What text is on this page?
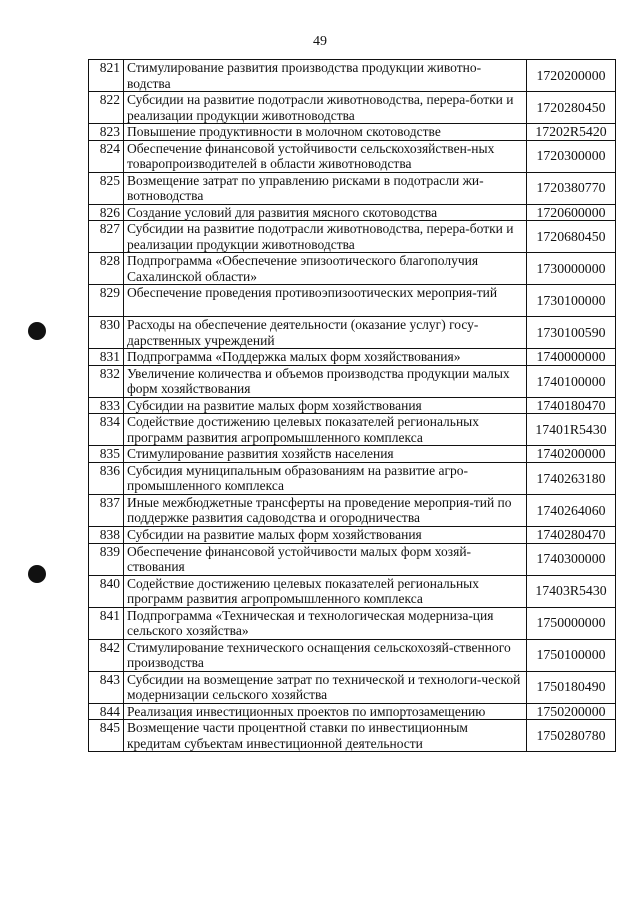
49
821	Стимулирование развития производства продукции животно-водства	1720200000
822	Субсидии на развитие подотрасли животноводства, перера-ботки и реализации продукции животноводства	1720280450
823	Повышение продуктивности в молочном скотоводстве	17202R5420
824	Обеспечение финансовой устойчивости сельскохозяйствен-ных товаропроизводителей в области животноводства	1720300000
825	Возмещение затрат по управлению рисками в подотрасли жи-вотноводства	1720380770
826	Создание условий для развития мясного скотоводства	1720600000
827	Субсидии на развитие подотрасли животноводства, перера-ботки и реализации продукции животноводства	1720680450
828	Подпрограмма «Обеспечение эпизоотического благополучия Сахалинской области»	1730000000
829	Обеспечение проведения противоэпизоотических мероприя-тий	1730100000
830	Расходы на обеспечение деятельности (оказание услуг) госу-дарственных учреждений	1730100590
831	Подпрограмма «Поддержка малых форм хозяйствования»	1740000000
832	Увеличение количества и объемов производства продукции малых форм хозяйствования	1740100000
833	Субсидии на развитие малых форм хозяйствования	1740180470
834	Содействие достижению целевых показателей региональных программ развития агропромышленного комплекса	17401R5430
835	Стимулирование развития хозяйств населения	1740200000
836	Субсидия муниципальным образованиям на развитие агро-промышленного комплекса	1740263180
837	Иные межбюджетные трансферты на проведение мероприя-тий по поддержке развития садоводства и огородничества	1740264060
838	Субсидии на развитие малых форм хозяйствования	1740280470
839	Обеспечение финансовой устойчивости малых форм хозяй-ствования	1740300000
840	Содействие достижению целевых показателей региональных программ развития агропромышленного комплекса	17403R5430
841	Подпрограмма «Техническая и технологическая модерниза-ция сельского хозяйства»	1750000000
842	Стимулирование технического оснащения сельскохозяй-ственного производства	1750100000
843	Субсидии на возмещение затрат по технической и технологи-ческой модернизации сельского хозяйства	1750180490
844	Реализация инвестиционных проектов по импортозамещению	1750200000
845	Возмещение части процентной ставки по инвестиционным кредитам субъектам инвестиционной деятельности	1750280780
